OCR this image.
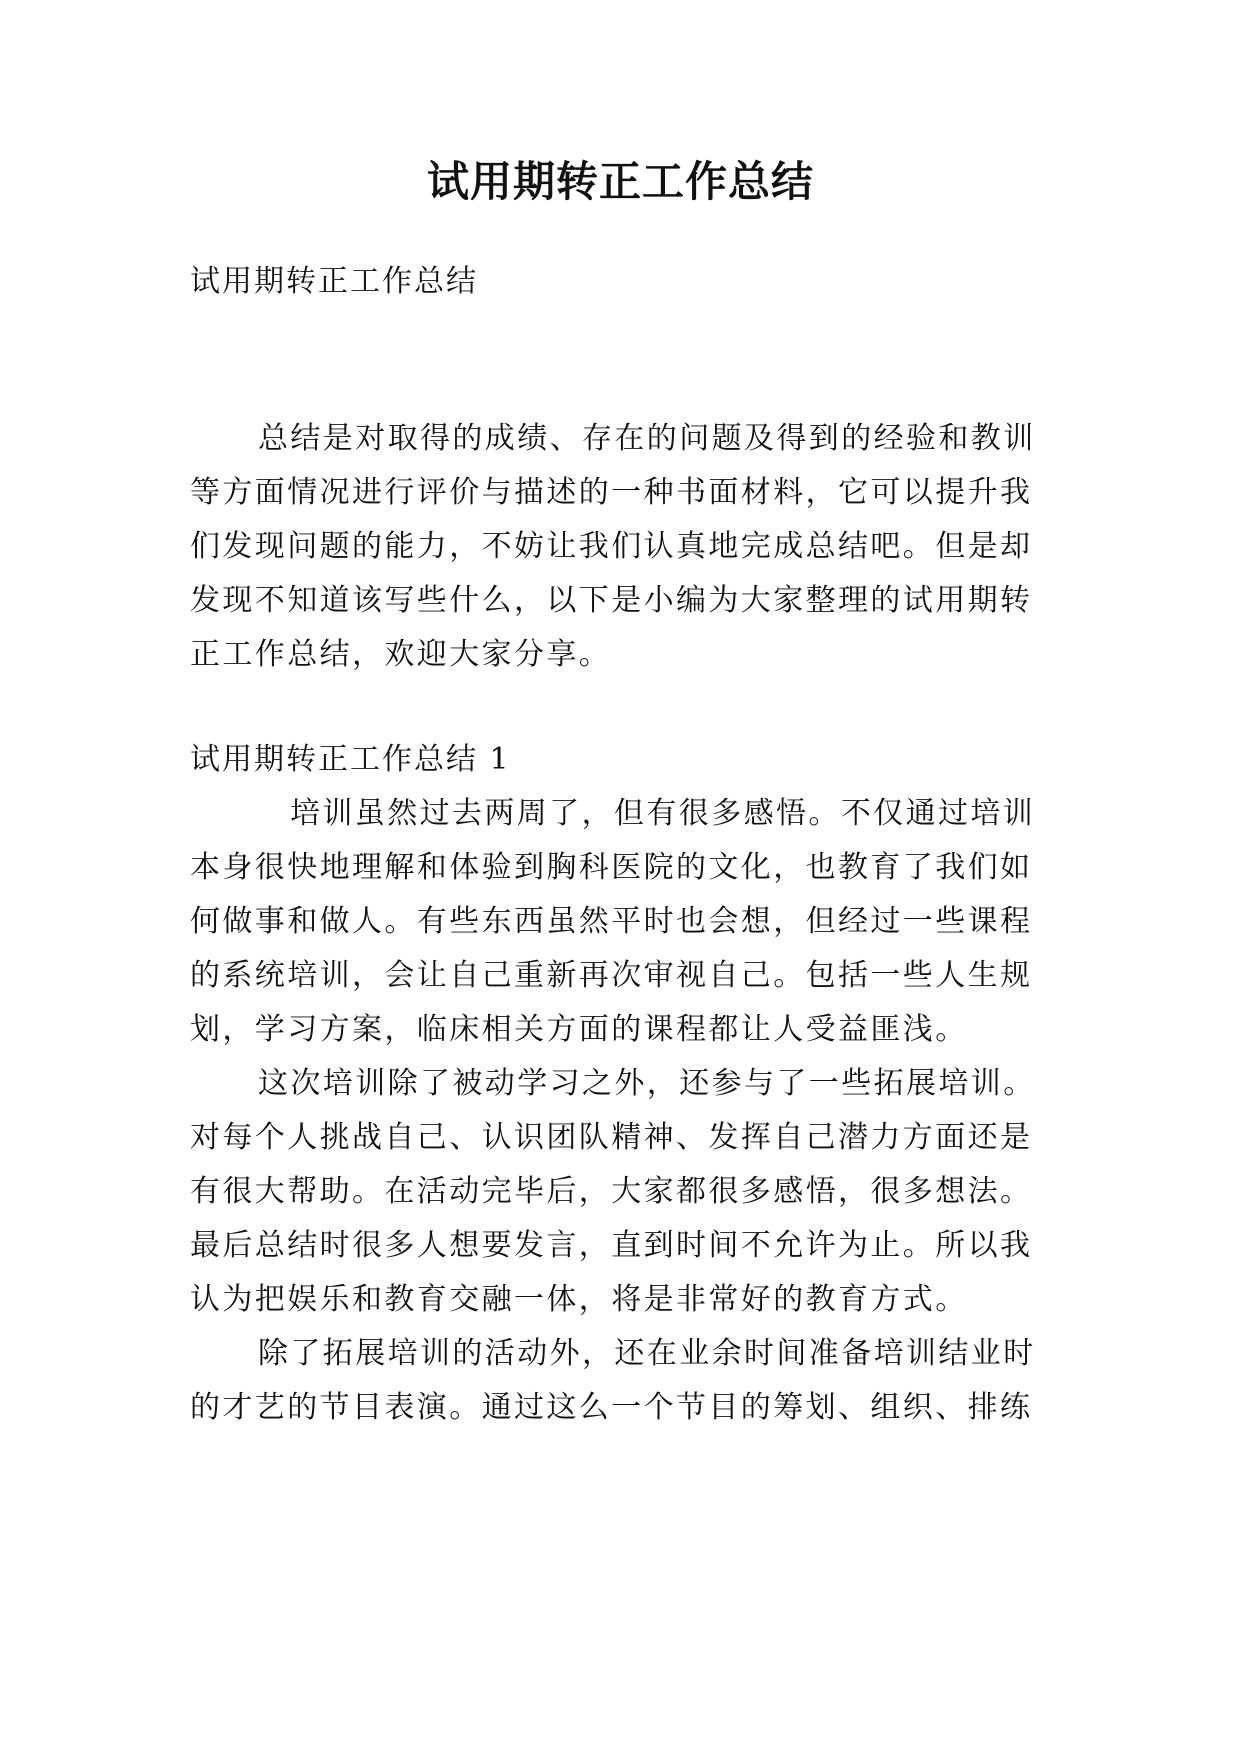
试用期转正工作总结
试用期转正工作总结
总结是对取得的成绩、存在的问题及得到的经验和教训
等方面情况进行评价与描述的一种书面材料，它可以提升我
们发现问题的能力，不妨让我们认真地完成总结吧。但是却
发现不知道该写些什么，以下是小编为大家整理的试用期转
正工作总结，欢迎大家分享。
试用期转正工作总结 1
培训虽然过去两周了，但有很多感悟。不仅通过培训
本身很快地理解和体验到胸科医院的文化，也教育了我们如
何做事和做人。有些东西虽然平时也会想，但经过一些课程
的系统培训，会让自己重新再次审视自己。包括一些人生规
划，学习方案，临床相关方面的课程都让人受益匪浅。
这次培训除了被动学习之外，还参与了一些拓展培训。
对每个人挑战自己、认识团队精神、发挥自己潜力方面还是
有很大帮助。在活动完毕后，大家都很多感悟，很多想法。
最后总结时很多人想要发言，直到时间不允许为止。所以我
认为把娱乐和教育交融一体，将是非常好的教育方式。
除了拓展培训的活动外，还在业余时间准备培训结业时
的才艺的节目表演。通过这么一个节目的筹划、组织、排练
